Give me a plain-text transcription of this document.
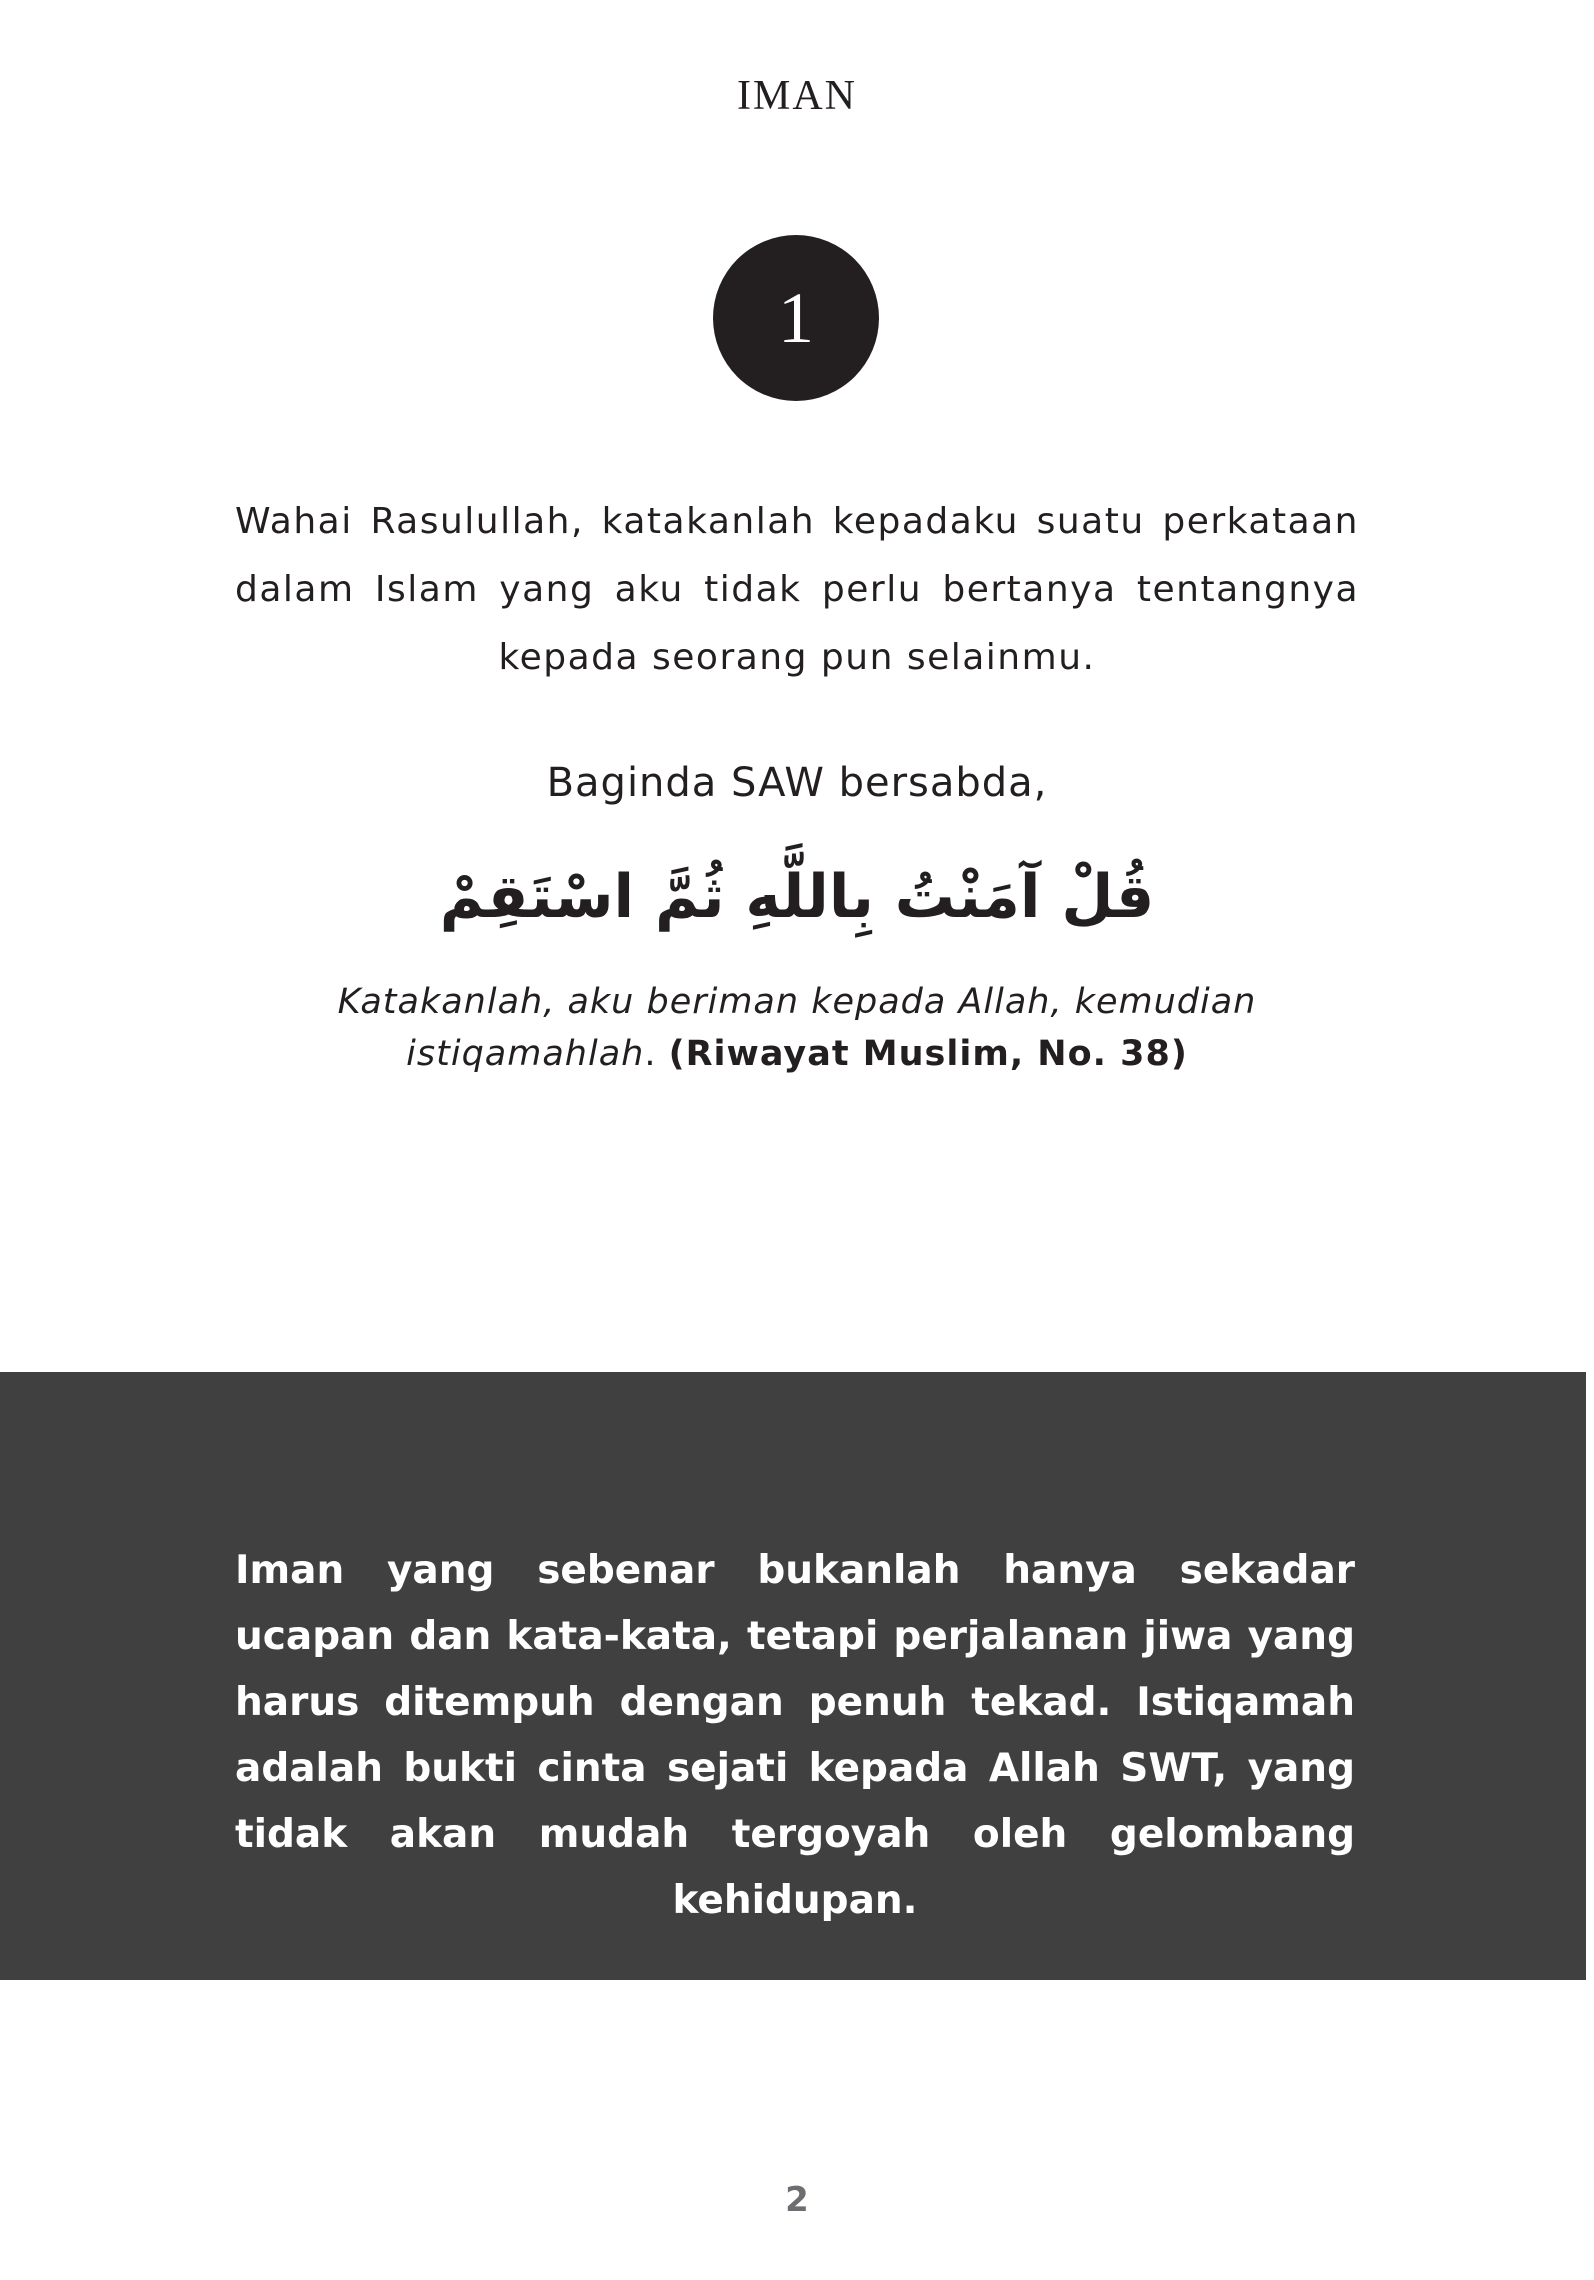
IMAN
1

Wahai Rasulullah, katakanlah kepadaku suatu perkataan dalam Islam yang aku tidak perlu bertanya tentangnya kepada seorang pun selainmu.

Baginda SAW bersabda,
قُلْ آمَنْتُ بِاللَّهِ ثُمَّ اسْتَقِمْ

Katakanlah, aku beriman kepada Allah, kemudian istiqamahlah. (Riwayat Muslim, No. 38)

Iman yang sebenar bukanlah hanya sekadar ucapan dan kata-kata, tetapi perjalanan jiwa yang harus ditempuh dengan penuh tekad. Istiqamah adalah bukti cinta sejati kepada Allah SWT, yang tidak akan mudah tergoyah oleh gelombang kehidupan.

2
